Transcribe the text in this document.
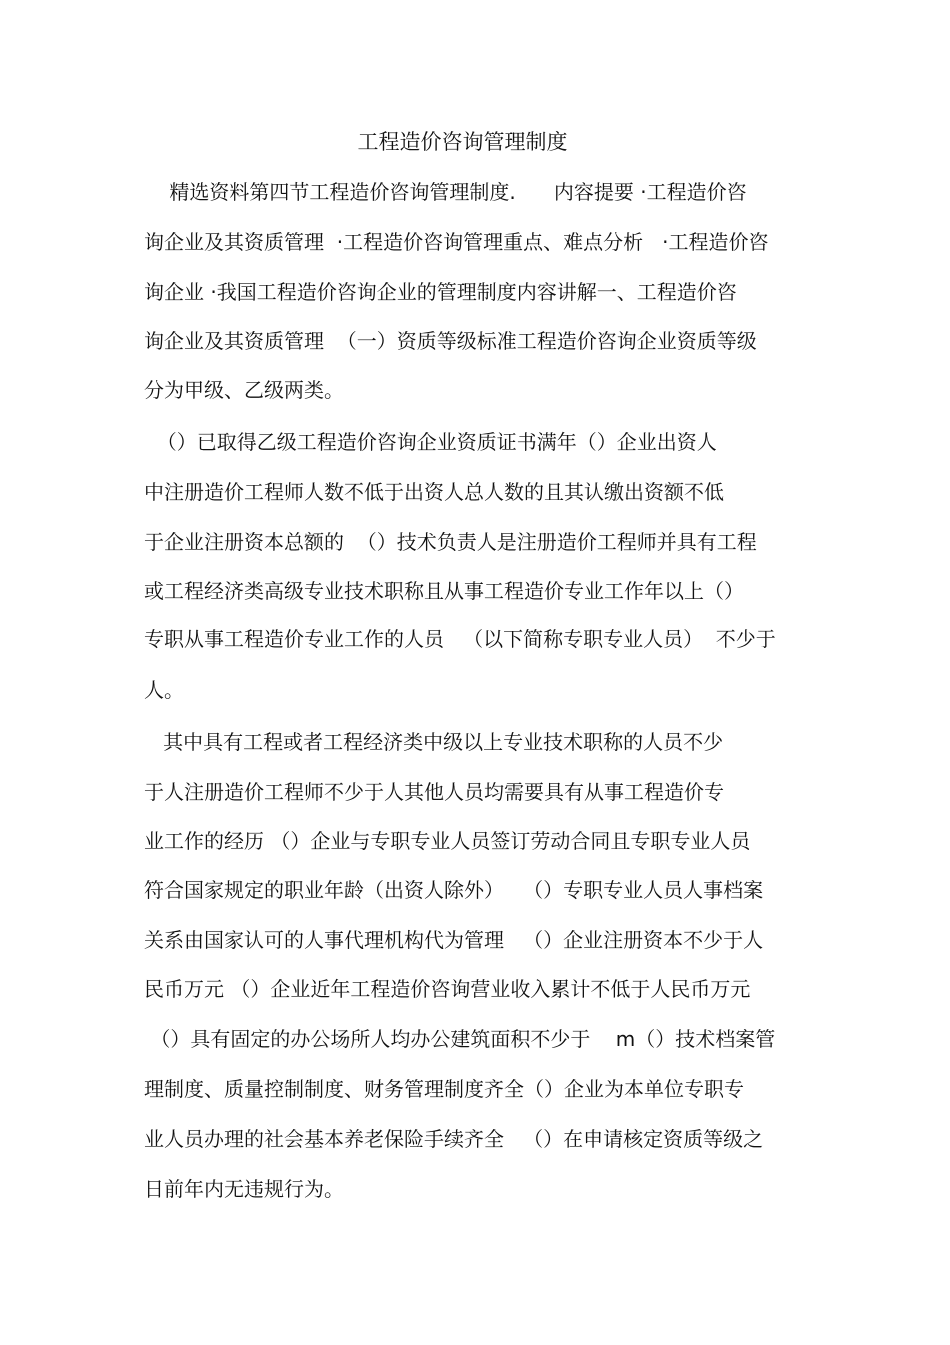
工程造价咨询管理制度
精选资料第四节工程造价咨询管理制度.      内容提要 ·工程造价咨
询企业及其资质管理  ·工程造价咨询管理重点、难点分析   ·工程造价咨
询企业 ·我国工程造价咨询企业的管理制度内容讲解一、工程造价咨
询企业及其资质管理  （一）资质等级标准工程造价咨询企业资质等级
分为甲级、乙级两类。
（）已取得乙级工程造价咨询企业资质证书满年（）企业出资人
中注册造价工程师人数不低于出资人总人数的且其认缴出资额不低
于企业注册资本总额的  （）技术负责人是注册造价工程师并具有工程
或工程经济类高级专业技术职称且从事工程造价专业工作年以上（）
专职从事工程造价专业工作的人员   （以下简称专职专业人员）  不少于
人。
其中具有工程或者工程经济类中级以上专业技术职称的人员不少
于人注册造价工程师不少于人其他人员均需要具有从事工程造价专
业工作的经历 （）企业与专职专业人员签订劳动合同且专职专业人员
符合国家规定的职业年龄（出资人除外）   （）专职专业人员人事档案
关系由国家认可的人事代理机构代为管理   （）企业注册资本不少于人
民币万元 （）企业近年工程造价咨询营业收入累计不低于人民币万元
（）具有固定的办公场所人均办公建筑面积不少于    m（）技术档案管
理制度、质量控制制度、财务管理制度齐全（）企业为本单位专职专
业人员办理的社会基本养老保险手续齐全   （）在申请核定资质等级之
日前年内无违规行为。
